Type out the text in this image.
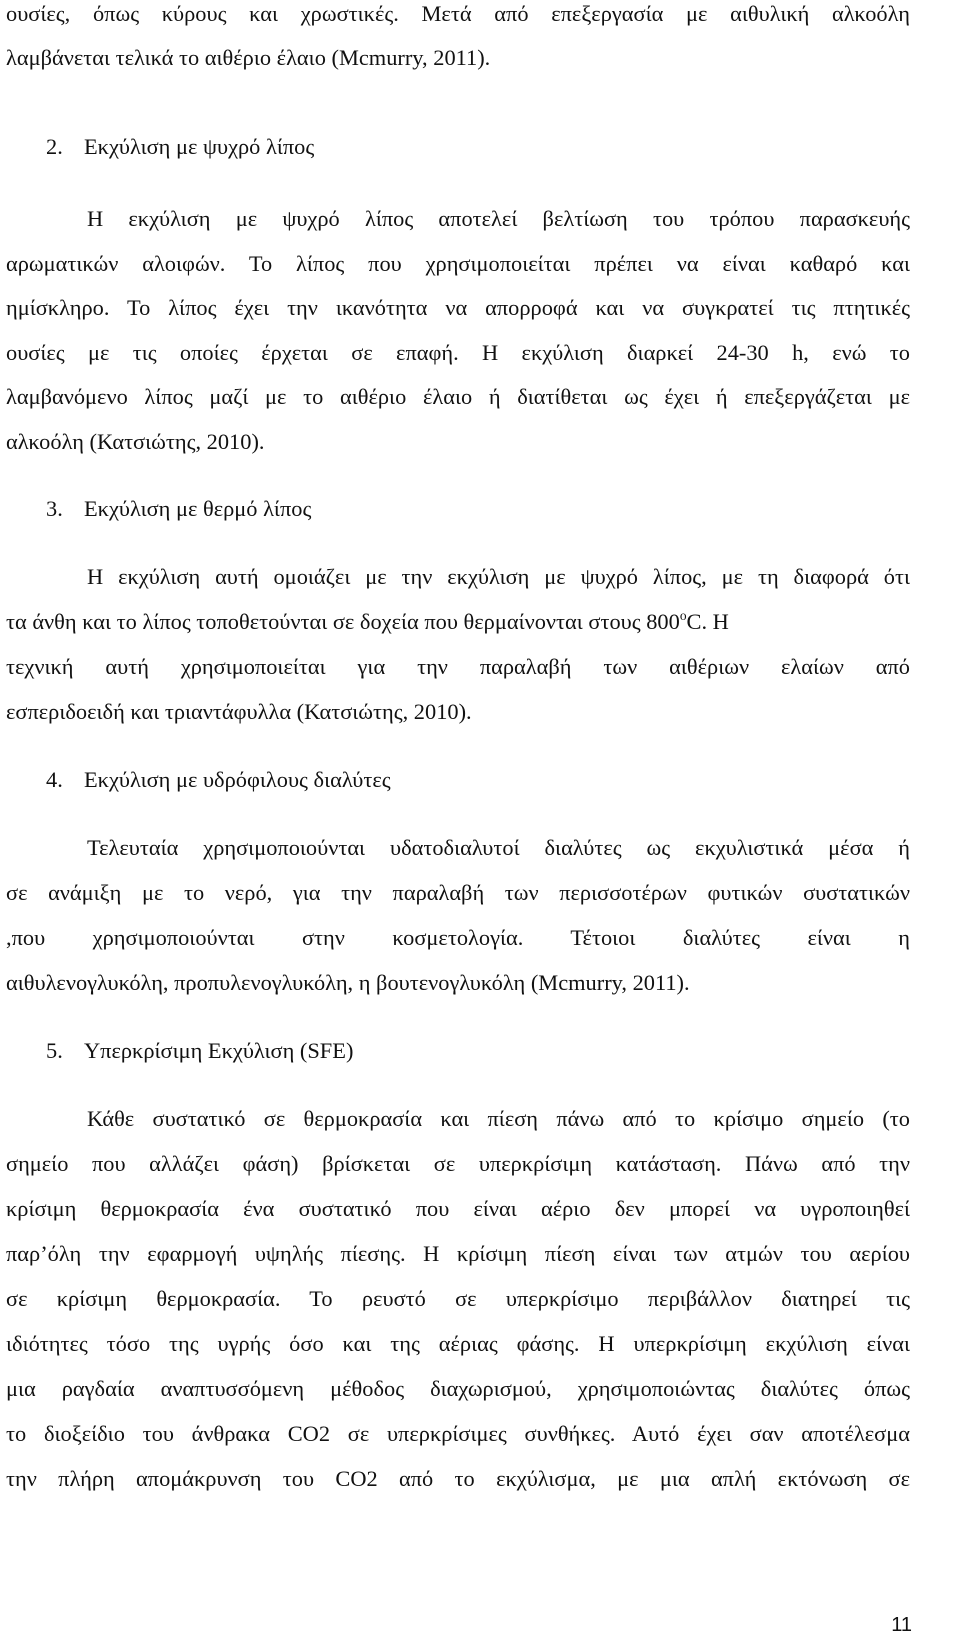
ουσίες, όπως κύρους και χρωστικές. Μετά από επεξεργασία με αιθυλική αλκοόλη
λαμβάνεται τελικά το αιθέριο έλαιο (Mcmurry, 2011).
2. Εκχύλιση με ψυχρό λίπος
Η εκχύλιση με ψυχρό λίπος αποτελεί βελτίωση του τρόπου παρασκευής
αρωματικών αλοιφών. Το λίπος που χρησιμοποιείται πρέπει να είναι καθαρό και
ημίσκληρο. Το λίπος έχει την ικανότητα να απορροφά και να συγκρατεί τις πτητικές
ουσίες με τις οποίες έρχεται σε επαφή. Η εκχύλιση διαρκεί 24-30 h, ενώ το
λαμβανόμενο λίπος μαζί με το αιθέριο έλαιο ή διατίθεται ως έχει ή επεξεργάζεται με
αλκοόλη (Κατσιώτης, 2010).
3. Εκχύλιση με θερμό λίπος
Η εκχύλιση αυτή ομοιάζει με την εκχύλιση με ψυχρό λίπος, με τη διαφορά ότι
τα άνθη και το λίπος τοποθετούνται σε δοχεία που θερμαίνονται στους 800$^o$C. Η
τεχνική αυτή χρησιμοποιείται για την παραλαβή των αιθέριων ελαίων από
εσπεριδοειδή και τριαντάφυλλα (Κατσιώτης, 2010).
4. Εκχύλιση με υδρόφιλους διαλύτες
Τελευταία χρησιμοποιούνται υδατοδιαλυτοί διαλύτες ως εκχυλιστικά μέσα ή
σε ανάμιξη με το νερό, για την παραλαβή των περισσοτέρων φυτικών συστατικών
,που χρησιμοποιούνται στην κοσμετολογία. Τέτοιοι διαλύτες είναι η
αιθυλενογλυκόλη, προπυλενογλυκόλη, η βουτενογλυκόλη (Mcmurry, 2011).
5. Υπερκρίσιμη Εκχύλιση (SFE)
Κάθε συστατικό σε θερμοκρασία και πίεση πάνω από το κρίσιμο σημείο (το
σημείο που αλλάζει φάση) βρίσκεται σε υπερκρίσιμη κατάσταση. Πάνω από την
κρίσιμη θερμοκρασία ένα συστατικό που είναι αέριο δεν μπορεί να υγροποιηθεί
παρ’όλη την εφαρμογή υψηλής πίεσης. Η κρίσιμη πίεση είναι των ατμών του αερίου
σε κρίσιμη θερμοκρασία. Το ρευστό σε υπερκρίσιμο περιβάλλον διατηρεί τις
ιδιότητες τόσο της υγρής όσο και της αέριας φάσης. Η υπερκρίσιμη εκχύλιση είναι
μια ραγδαία αναπτυσσόμενη μέθοδος διαχωρισμού, χρησιμοποιώντας διαλύτες όπως
το διοξείδιο του άνθρακα CO2 σε υπερκρίσιμες συνθήκες. Αυτό έχει σαν αποτέλεσμα
την πλήρη απομάκρυνση του CO2 από το εκχύλισμα, με μια απλή εκτόνωση σε
11
